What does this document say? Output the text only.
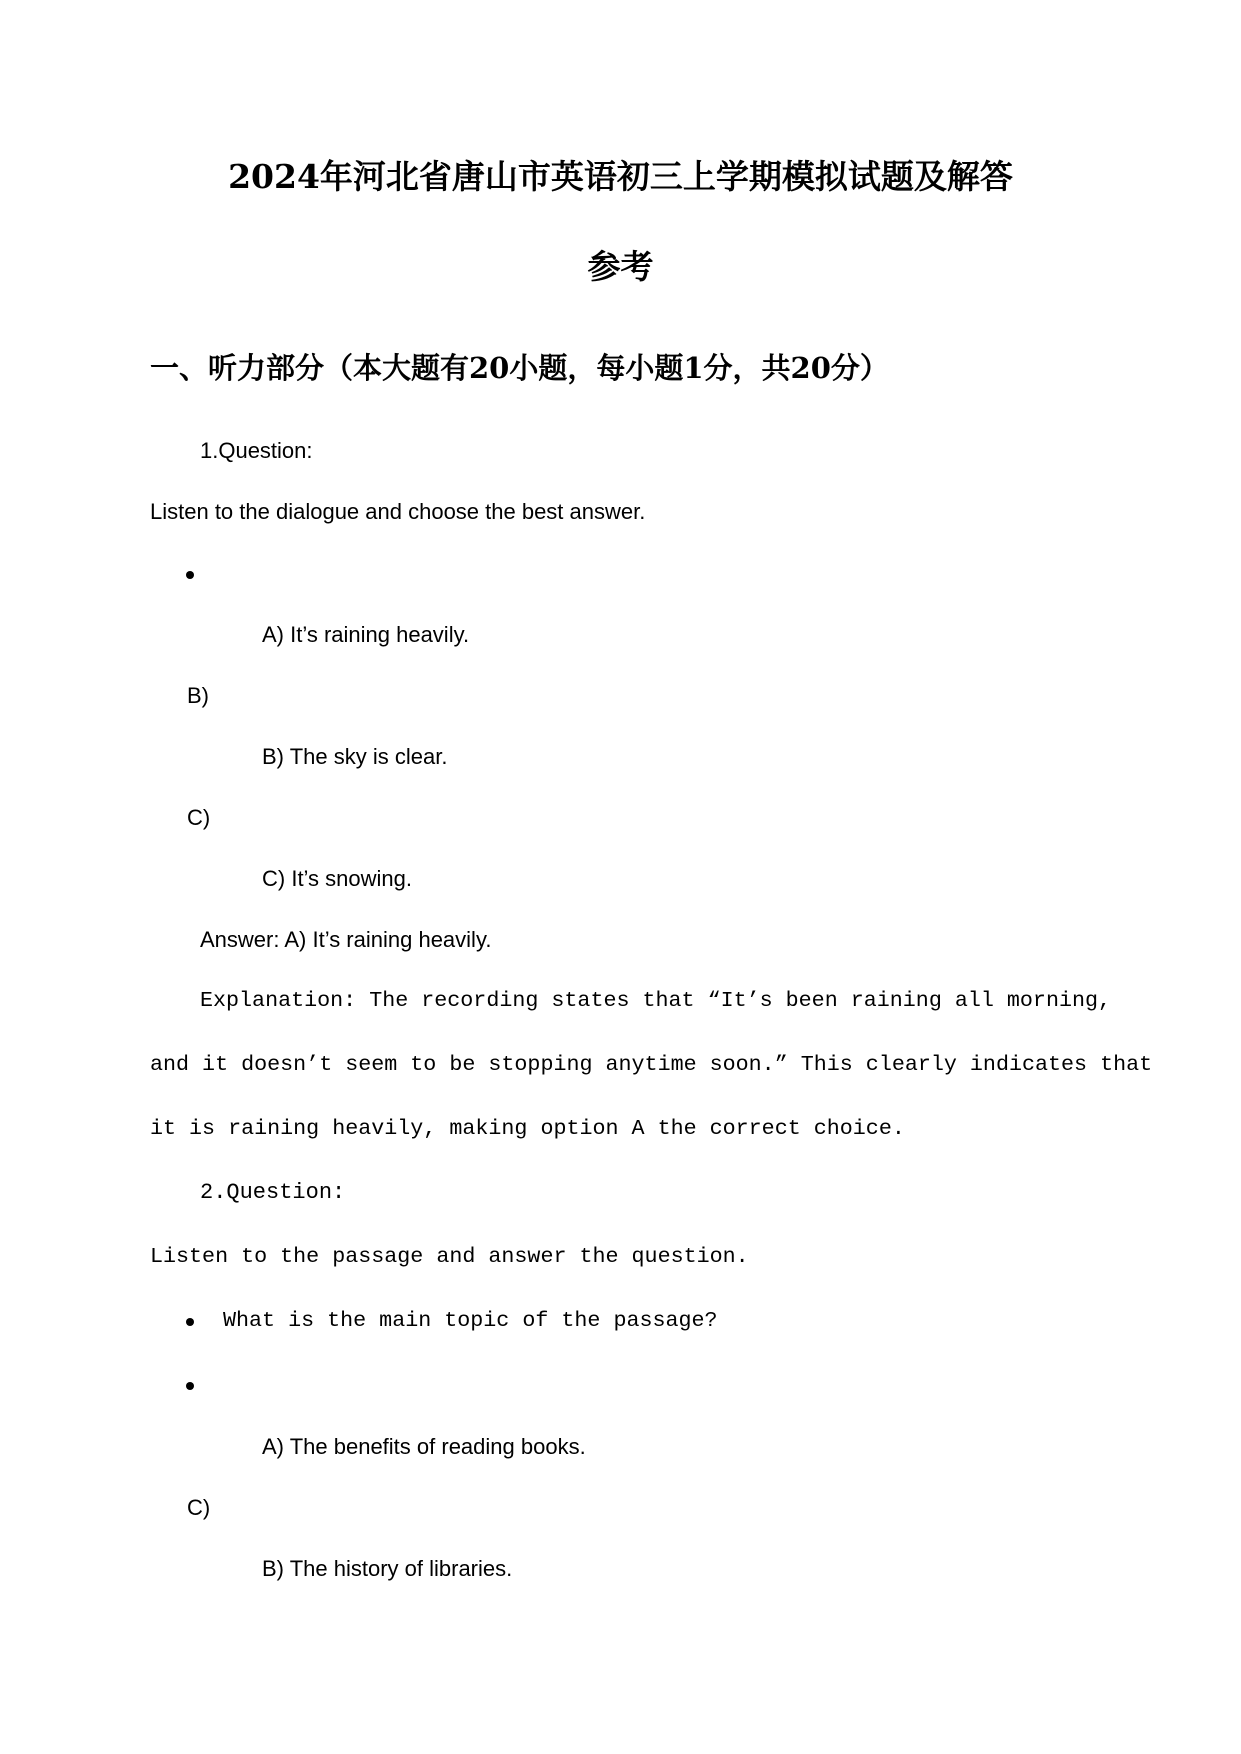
2024年河北省唐山市英语初三上学期模拟试题及解答
参考
一、听力部分（本大题有20小题，每小题1分，共20分）
1.Question:
Listen to the dialogue and choose the best answer.
A) It’s raining heavily.
B)
B) The sky is clear.
C)
C) It’s snowing.
Answer: A) It’s raining heavily.
Explanation: The recording states that “It’s been raining all morning,
and it doesn’t seem to be stopping anytime soon.” This clearly indicates that
it is raining heavily, making option A the correct choice.
2.Question:
Listen to the passage and answer the question.
What is the main topic of the passage?
A) The benefits of reading books.
C)
B) The history of libraries.
